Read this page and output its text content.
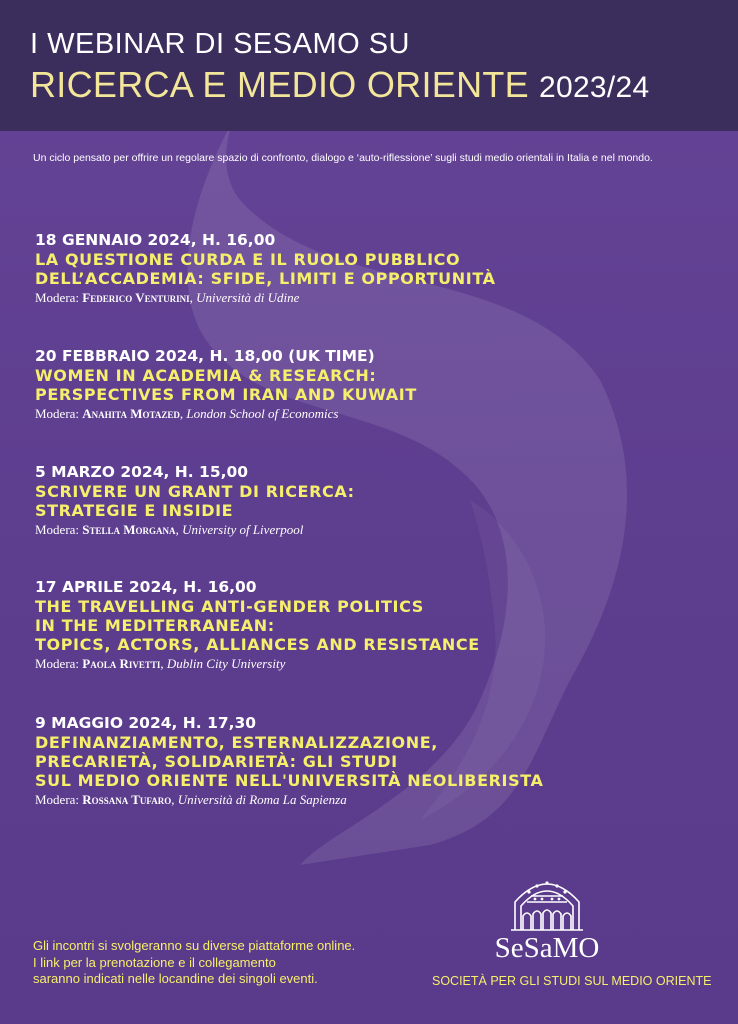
I WEBINAR DI SESAMO SU
RICERCA E MEDIO ORIENTE 2023/24
Un ciclo pensato per offrire un regolare spazio di confronto, dialogo e ‘auto-riflessione’ sugli studi medio orientali in Italia e nel mondo.
18 GENNAIO 2024, H. 16,00
LA QUESTIONE CURDA E IL RUOLO PUBBLICO
DELL’ACCADEMIA: SFIDE, LIMITI E OPPORTUNITÀ
Modera: Federico Venturini, Università di Udine
20 FEBBRAIO 2024, H. 18,00 (UK TIME)
WOMEN IN ACADEMIA & RESEARCH:
PERSPECTIVES FROM IRAN AND KUWAIT
Modera: Anahita Motazed, London School of Economics
5 MARZO 2024, H. 15,00
SCRIVERE UN GRANT DI RICERCA:
STRATEGIE E INSIDIE
Modera: Stella Morgana, University of Liverpool
17 APRILE 2024, H. 16,00
THE TRAVELLING ANTI-GENDER POLITICS
IN THE MEDITERRANEAN:
TOPICS, ACTORS, ALLIANCES AND RESISTANCE
Modera: Paola Rivetti, Dublin City University
9 MAGGIO 2024, H. 17,30
DEFINANZIAMENTO, ESTERNALIZZAZIONE,
PRECARIETÀ, SOLIDARIETÀ: GLI STUDI
SUL MEDIO ORIENTE NELL'UNIVERSITÀ NEOLIBERISTA
Modera: Rossana Tufaro, Università di Roma La Sapienza
Gli incontri si svolgeranno su diverse piattaforme online.
I link per la prenotazione e il collegamento
saranno indicati nelle locandine dei singoli eventi.
SeSaMO
SOCIETÀ PER GLI STUDI SUL MEDIO ORIENTE
